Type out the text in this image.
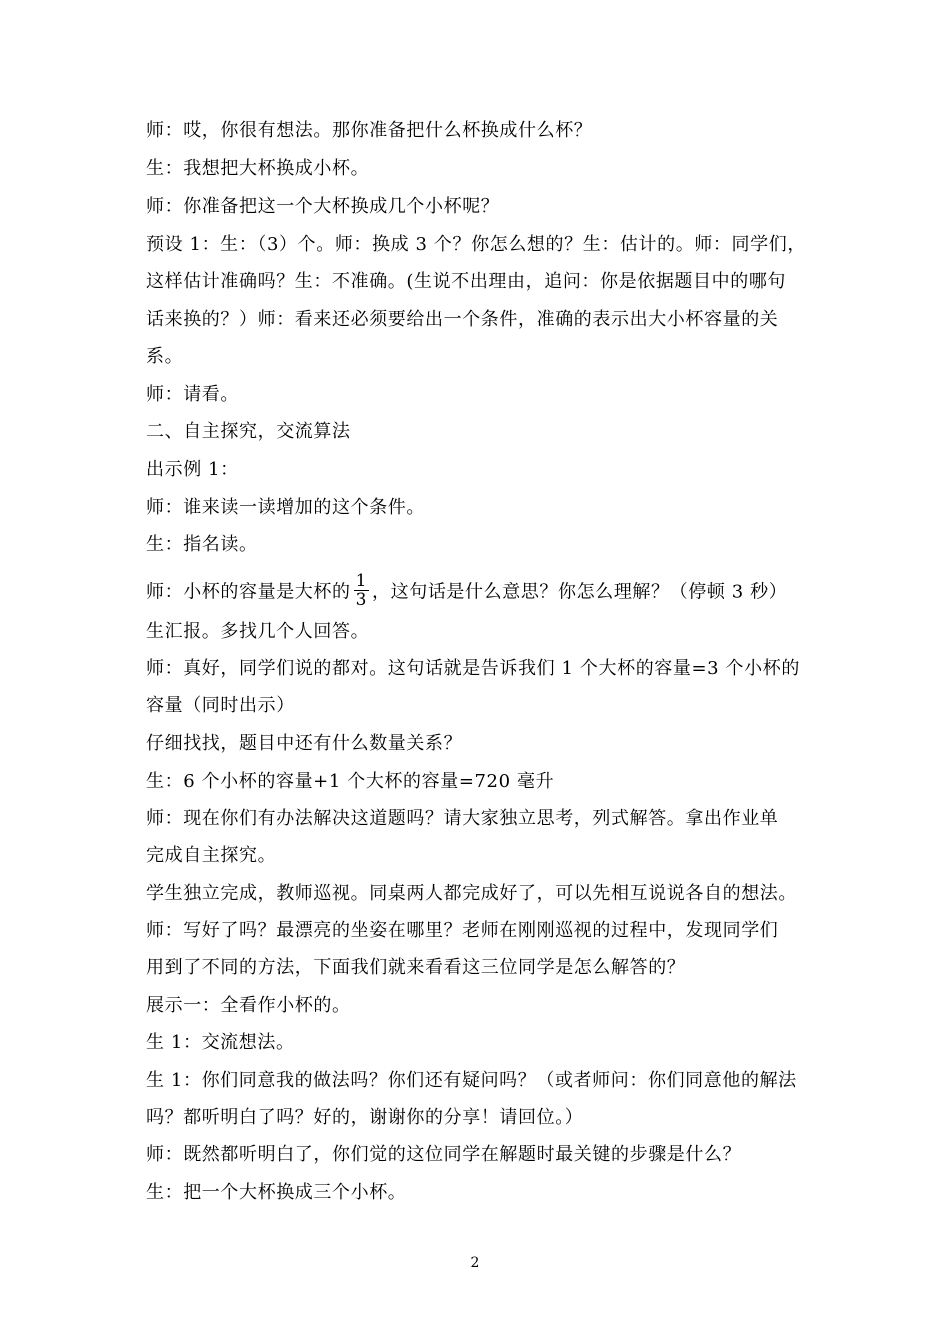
师：哎，你很有想法。那你准备把什么杯换成什么杯？
生：我想把大杯换成小杯。
师：你准备把这一个大杯换成几个小杯呢？
预设 1：生：（3）个。师：换成 3 个？你怎么想的？生：估计的。师：同学们，
这样估计准确吗？生：不准确。(生说不出理由，追问：你是依据题目中的哪句
话来换的？）师：看来还必须要给出一个条件，准确的表示出大小杯容量的关
系。
师：请看。
二、自主探究，交流算法
出示例 1：
师：谁来读一读增加的这个条件。
生：指名读。
师：小杯的容量是大杯的 $\frac{1}{3}$ ，这句话是什么意思？你怎么理解？（停顿 3 秒）
生汇报。多找几个人回答。
师：真好，同学们说的都对。这句话就是告诉我们 1 个大杯的容量=3 个小杯的
容量（同时出示）
仔细找找，题目中还有什么数量关系？
生：6 个小杯的容量+1 个大杯的容量=720 毫升
师：现在你们有办法解决这道题吗？请大家独立思考，列式解答。拿出作业单
完成自主探究。
学生独立完成，教师巡视。同桌两人都完成好了，可以先相互说说各自的想法。
师：写好了吗？最漂亮的坐姿在哪里？老师在刚刚巡视的过程中，发现同学们
用到了不同的方法，下面我们就来看看这三位同学是怎么解答的？
展示一：全看作小杯的。
生 1：交流想法。
生 1：你们同意我的做法吗？你们还有疑问吗？（或者师问：你们同意他的解法
吗？都听明白了吗？好的，谢谢你的分享！请回位。）
师：既然都听明白了，你们觉的这位同学在解题时最关键的步骤是什么？
生：把一个大杯换成三个小杯。
2
